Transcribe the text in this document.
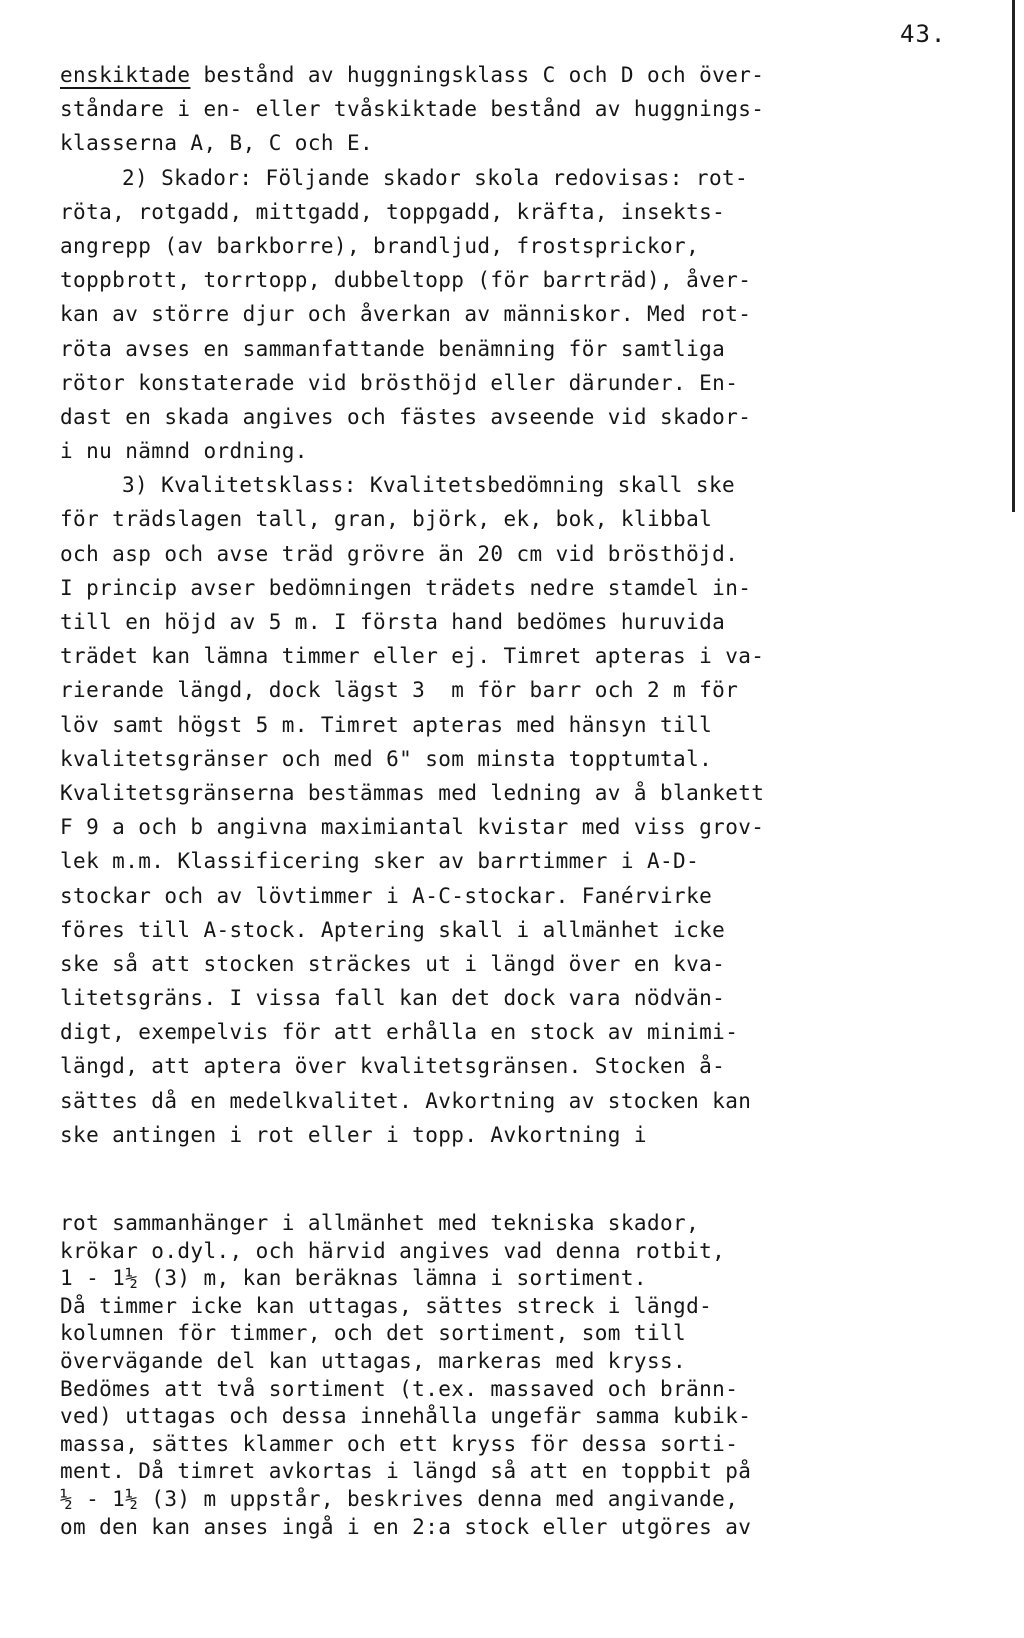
43.
enskiktade bestånd av huggningsklass C och D och över-
ståndare i en- eller tvåskiktade bestånd av huggnings-
klasserna A, B, C och E.
2) Skador: Följande skador skola redovisas: rot-
röta, rotgadd, mittgadd, toppgadd, kräfta, insekts-
angrepp (av barkborre), brandljud, frostsprickor,
toppbrott, torrtopp, dubbeltopp (för barrträd), åver-
kan av större djur och åverkan av människor. Med rot-
röta avses en sammanfattande benämning för samtliga
rötor konstaterade vid brösthöjd eller därunder. En-
dast en skada angives och fästes avseende vid skador-
i nu nämnd ordning.
3) Kvalitetsklass: Kvalitetsbedömning skall ske
för trädslagen tall, gran, björk, ek, bok, klibbal
och asp och avse träd grövre än 20 cm vid brösthöjd.
I princip avser bedömningen trädets nedre stamdel in-
till en höjd av 5 m. I första hand bedömes huruvida
trädet kan lämna timmer eller ej. Timret apteras i va-
rierande längd, dock lägst 3  m för barr och 2 m för
löv samt högst 5 m. Timret apteras med hänsyn till
kvalitetsgränser och med 6" som minsta topptumtal.
Kvalitetsgränserna bestämmas med ledning av å blankett
F 9 a och b angivna maximiantal kvistar med viss grov-
lek m.m. Klassificering sker av barrtimmer i A-D-
stockar och av lövtimmer i A-C-stockar. Fanérvirke
föres till A-stock. Aptering skall i allmänhet icke
ske så att stocken sträckes ut i längd över en kva-
litetsgräns. I vissa fall kan det dock vara nödvän-
digt, exempelvis för att erhålla en stock av minimi-
längd, att aptera över kvalitetsgränsen. Stocken å-
sättes då en medelkvalitet. Avkortning av stocken kan
ske antingen i rot eller i topp. Avkortning i
rot sammanhänger i allmänhet med tekniska skador,
krökar o.dyl., och härvid angives vad denna rotbit,
1 - 1½ (3) m, kan beräknas lämna i sortiment.
Då timmer icke kan uttagas, sättes streck i längd-
kolumnen för timmer, och det sortiment, som till
övervägande del kan uttagas, markeras med kryss.
Bedömes att två sortiment (t.ex. massaved och bränn-
ved) uttagas och dessa innehålla ungefär samma kubik-
massa, sättes klammer och ett kryss för dessa sorti-
ment. Då timret avkortas i längd så att en toppbit på
½ - 1½ (3) m uppstår, beskrives denna med angivande,
om den kan anses ingå i en 2:a stock eller utgöres av
